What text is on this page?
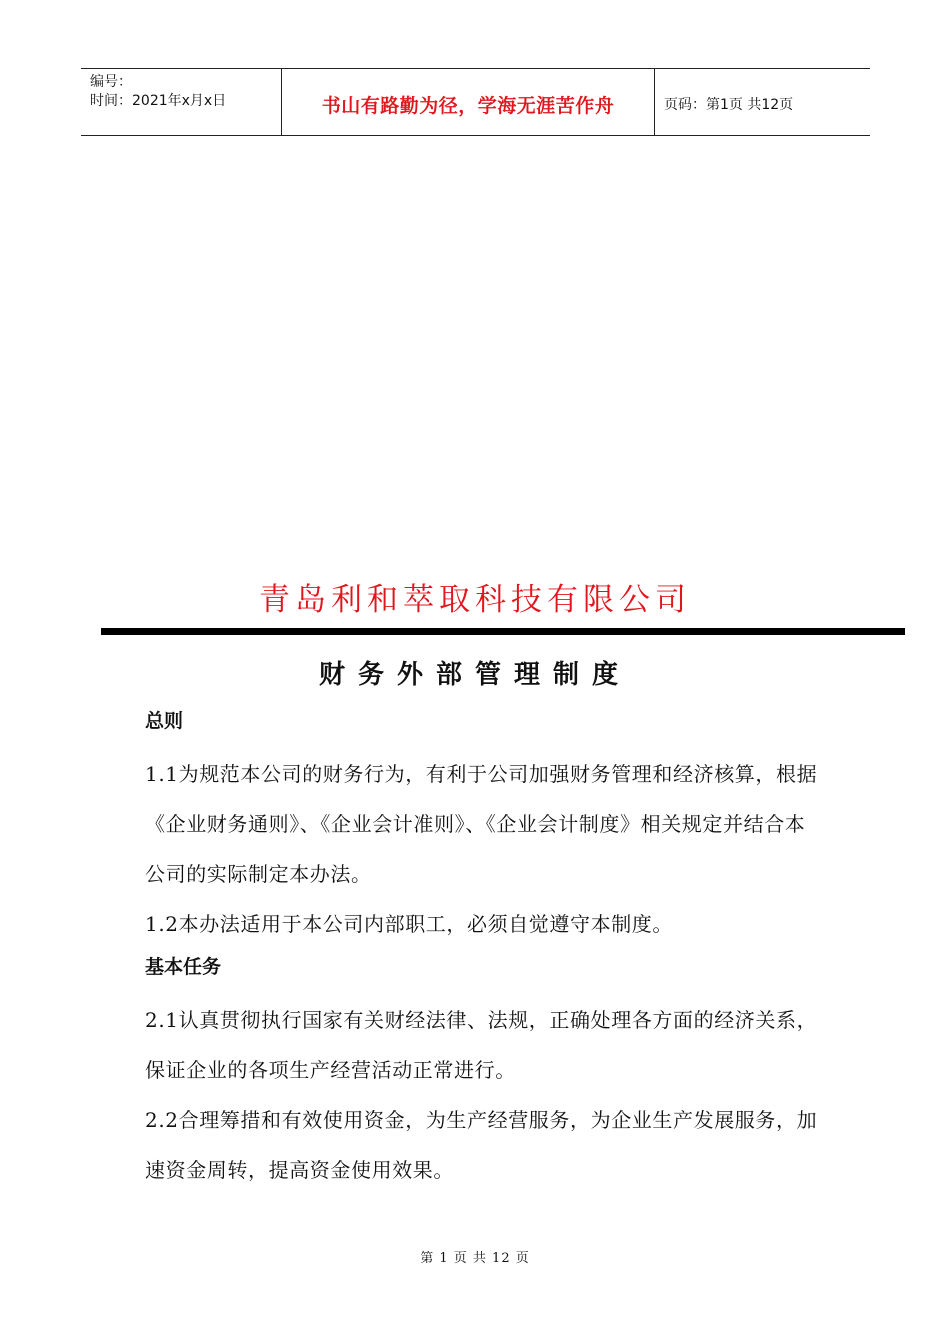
编号：
时间：2021年x月x日	书山有路勤为径，学海无涯苦作舟	页码：第1页 共12页
青岛利和萃取科技有限公司
财务外部管理制度
总则
1.1为规范本公司的财务行为，有利于公司加强财务管理和经济核算，根据《企业财务通则》、《企业会计准则》、《企业会计制度》相关规定并结合本公司的实际制定本办法。
1.2本办法适用于本公司内部职工，必须自觉遵守本制度。
基本任务
2.1认真贯彻执行国家有关财经法律、法规，正确处理各方面的经济关系，保证企业的各项生产经营活动正常进行。
2.2合理筹措和有效使用资金，为生产经营服务，为企业生产发展服务，加速资金周转，提高资金使用效果。
第 1 页 共 12 页
